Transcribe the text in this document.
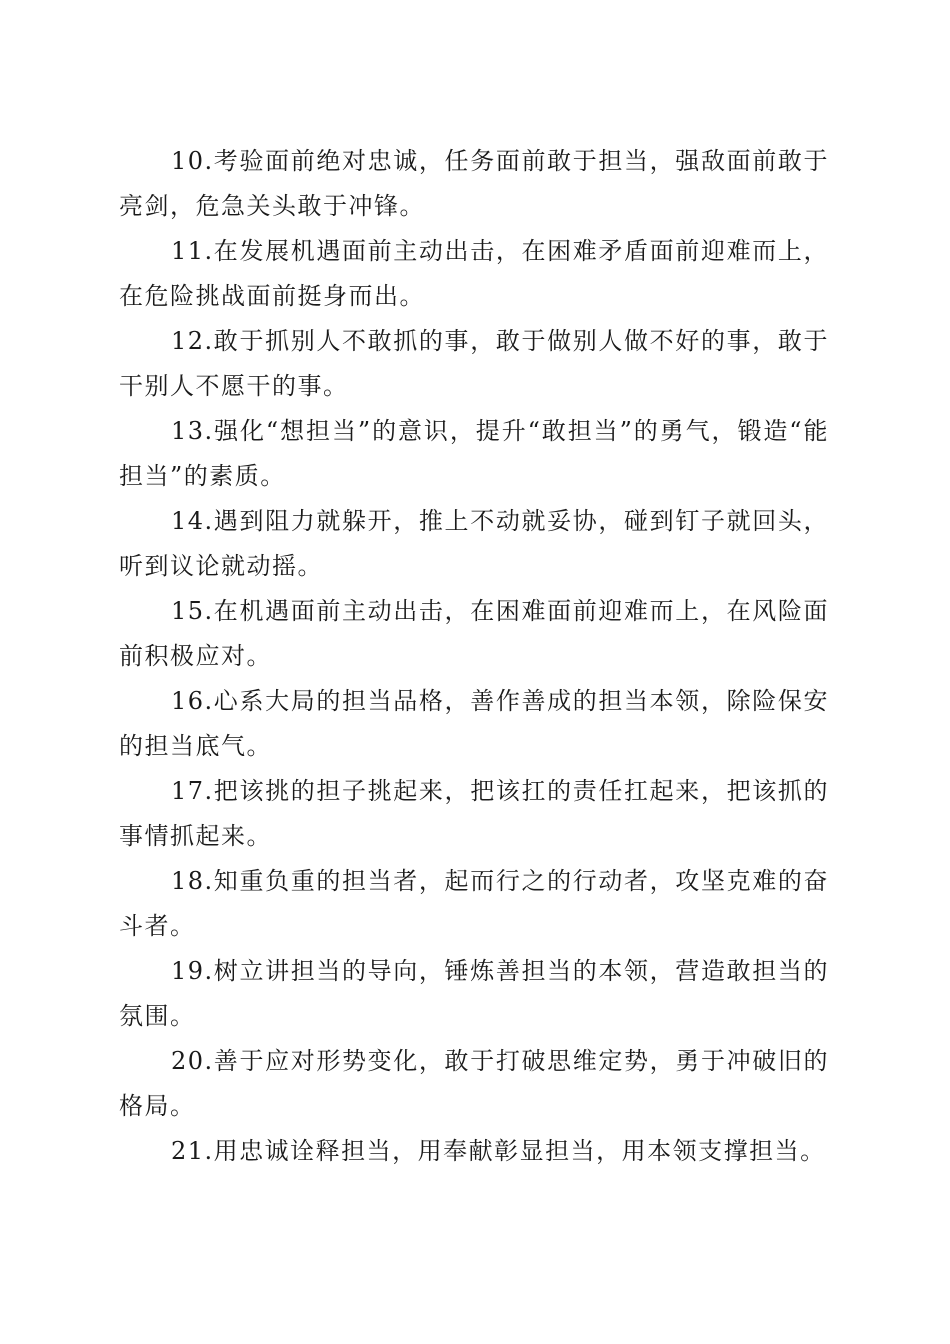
10.考验面前绝对忠诚，任务面前敢于担当，强敌面前敢于亮剑，危急关头敢于冲锋。

11.在发展机遇面前主动出击，在困难矛盾面前迎难而上，在危险挑战面前挺身而出。

12.敢于抓别人不敢抓的事，敢于做别人做不好的事，敢于干别人不愿干的事。

13.强化“想担当”的意识，提升“敢担当”的勇气，锻造“能担当”的素质。

14.遇到阻力就躲开，推上不动就妥协，碰到钉子就回头，听到议论就动摇。

15.在机遇面前主动出击，在困难面前迎难而上，在风险面前积极应对。

16.心系大局的担当品格，善作善成的担当本领，除险保安的担当底气。

17.把该挑的担子挑起来，把该扛的责任扛起来，把该抓的事情抓起来。

18.知重负重的担当者，起而行之的行动者，攻坚克难的奋斗者。

19.树立讲担当的导向，锤炼善担当的本领，营造敢担当的氛围。

20.善于应对形势变化，敢于打破思维定势，勇于冲破旧的格局。

21.用忠诚诠释担当，用奉献彰显担当，用本领支撑担当。
